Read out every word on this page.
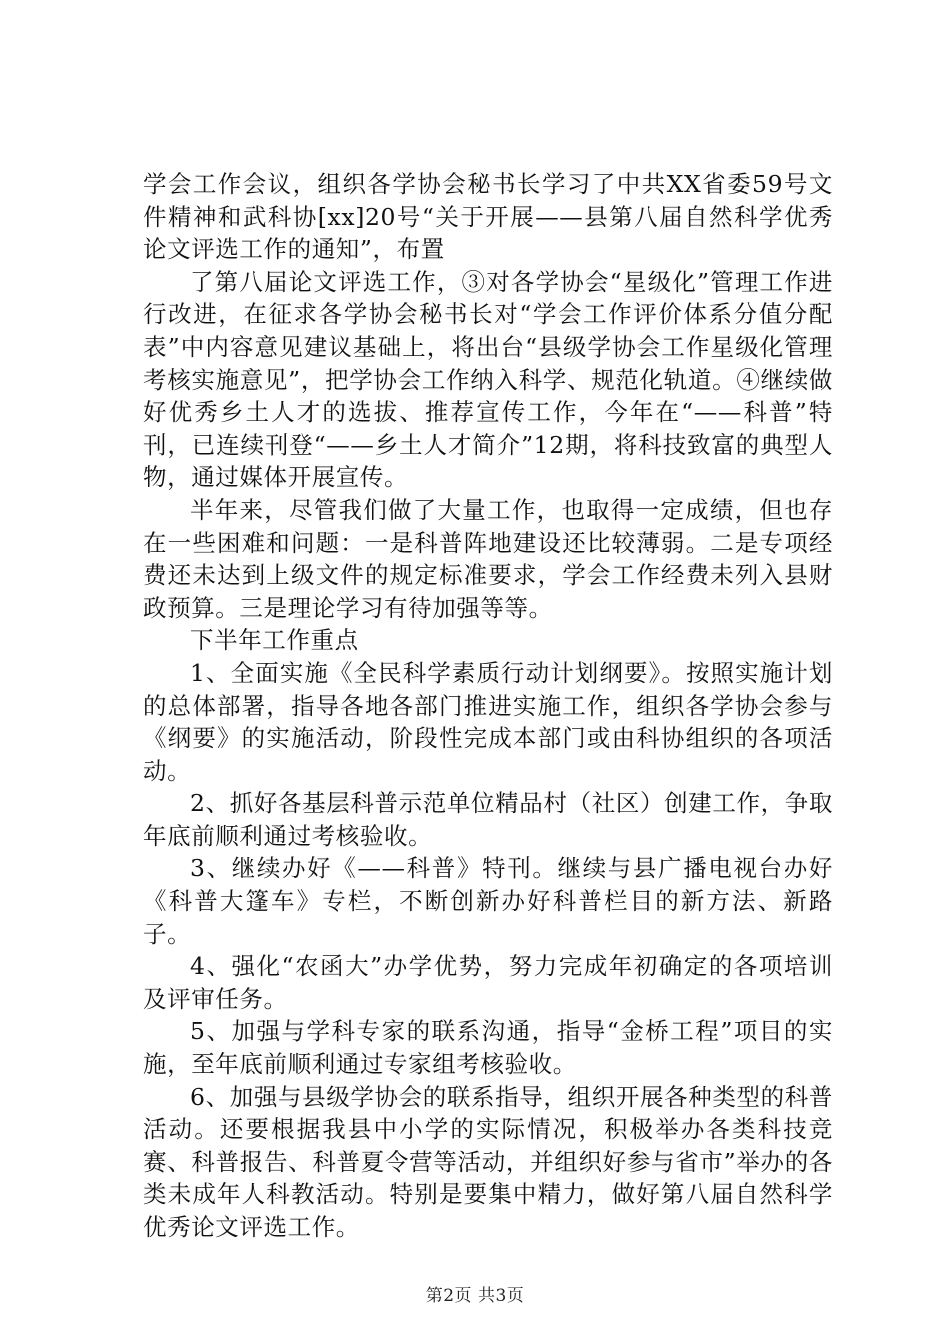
学会工作会议，组织各学协会秘书长学习了中共XX省委59号文件精神和武科协[xx]20号“关于开展——县第八届自然科学优秀论文评选工作的通知”，布置

了第八届论文评选工作，③对各学协会“星级化”管理工作进行改进，在征求各学协会秘书长对“学会工作评价体系分值分配表”中内容意见建议基础上，将出台“县级学协会工作星级化管理考核实施意见”，把学协会工作纳入科学、规范化轨道。④继续做好优秀乡土人才的选拔、推荐宣传工作，今年在“——科普”特刊，已连续刊登“——乡土人才简介”12期，将科技致富的典型人物，通过媒体开展宣传。

半年来，尽管我们做了大量工作，也取得一定成绩，但也存在一些困难和问题：一是科普阵地建设还比较薄弱。二是专项经费还未达到上级文件的规定标准要求，学会工作经费未列入县财政预算。三是理论学习有待加强等等。

下半年工作重点

1、全面实施《全民科学素质行动计划纲要》。按照实施计划的总体部署，指导各地各部门推进实施工作，组织各学协会参与《纲要》的实施活动，阶段性完成本部门或由科协组织的各项活动。

2、抓好各基层科普示范单位精品村（社区）创建工作，争取年底前顺利通过考核验收。

3、继续办好《——科普》特刊。继续与县广播电视台办好《科普大篷车》专栏，不断创新办好科普栏目的新方法、新路子。

4、强化“农函大”办学优势，努力完成年初确定的各项培训及评审任务。

5、加强与学科专家的联系沟通，指导“金桥工程”项目的实施，至年底前顺利通过专家组考核验收。

6、加强与县级学协会的联系指导，组织开展各种类型的科普活动。还要根据我县中小学的实际情况，积极举办各类科技竞赛、科普报告、科普夏令营等活动，并组织好参与省市”举办的各类未成年人科教活动。特别是要集中精力，做好第八届自然科学优秀论文评选工作。

第2页 共3页
